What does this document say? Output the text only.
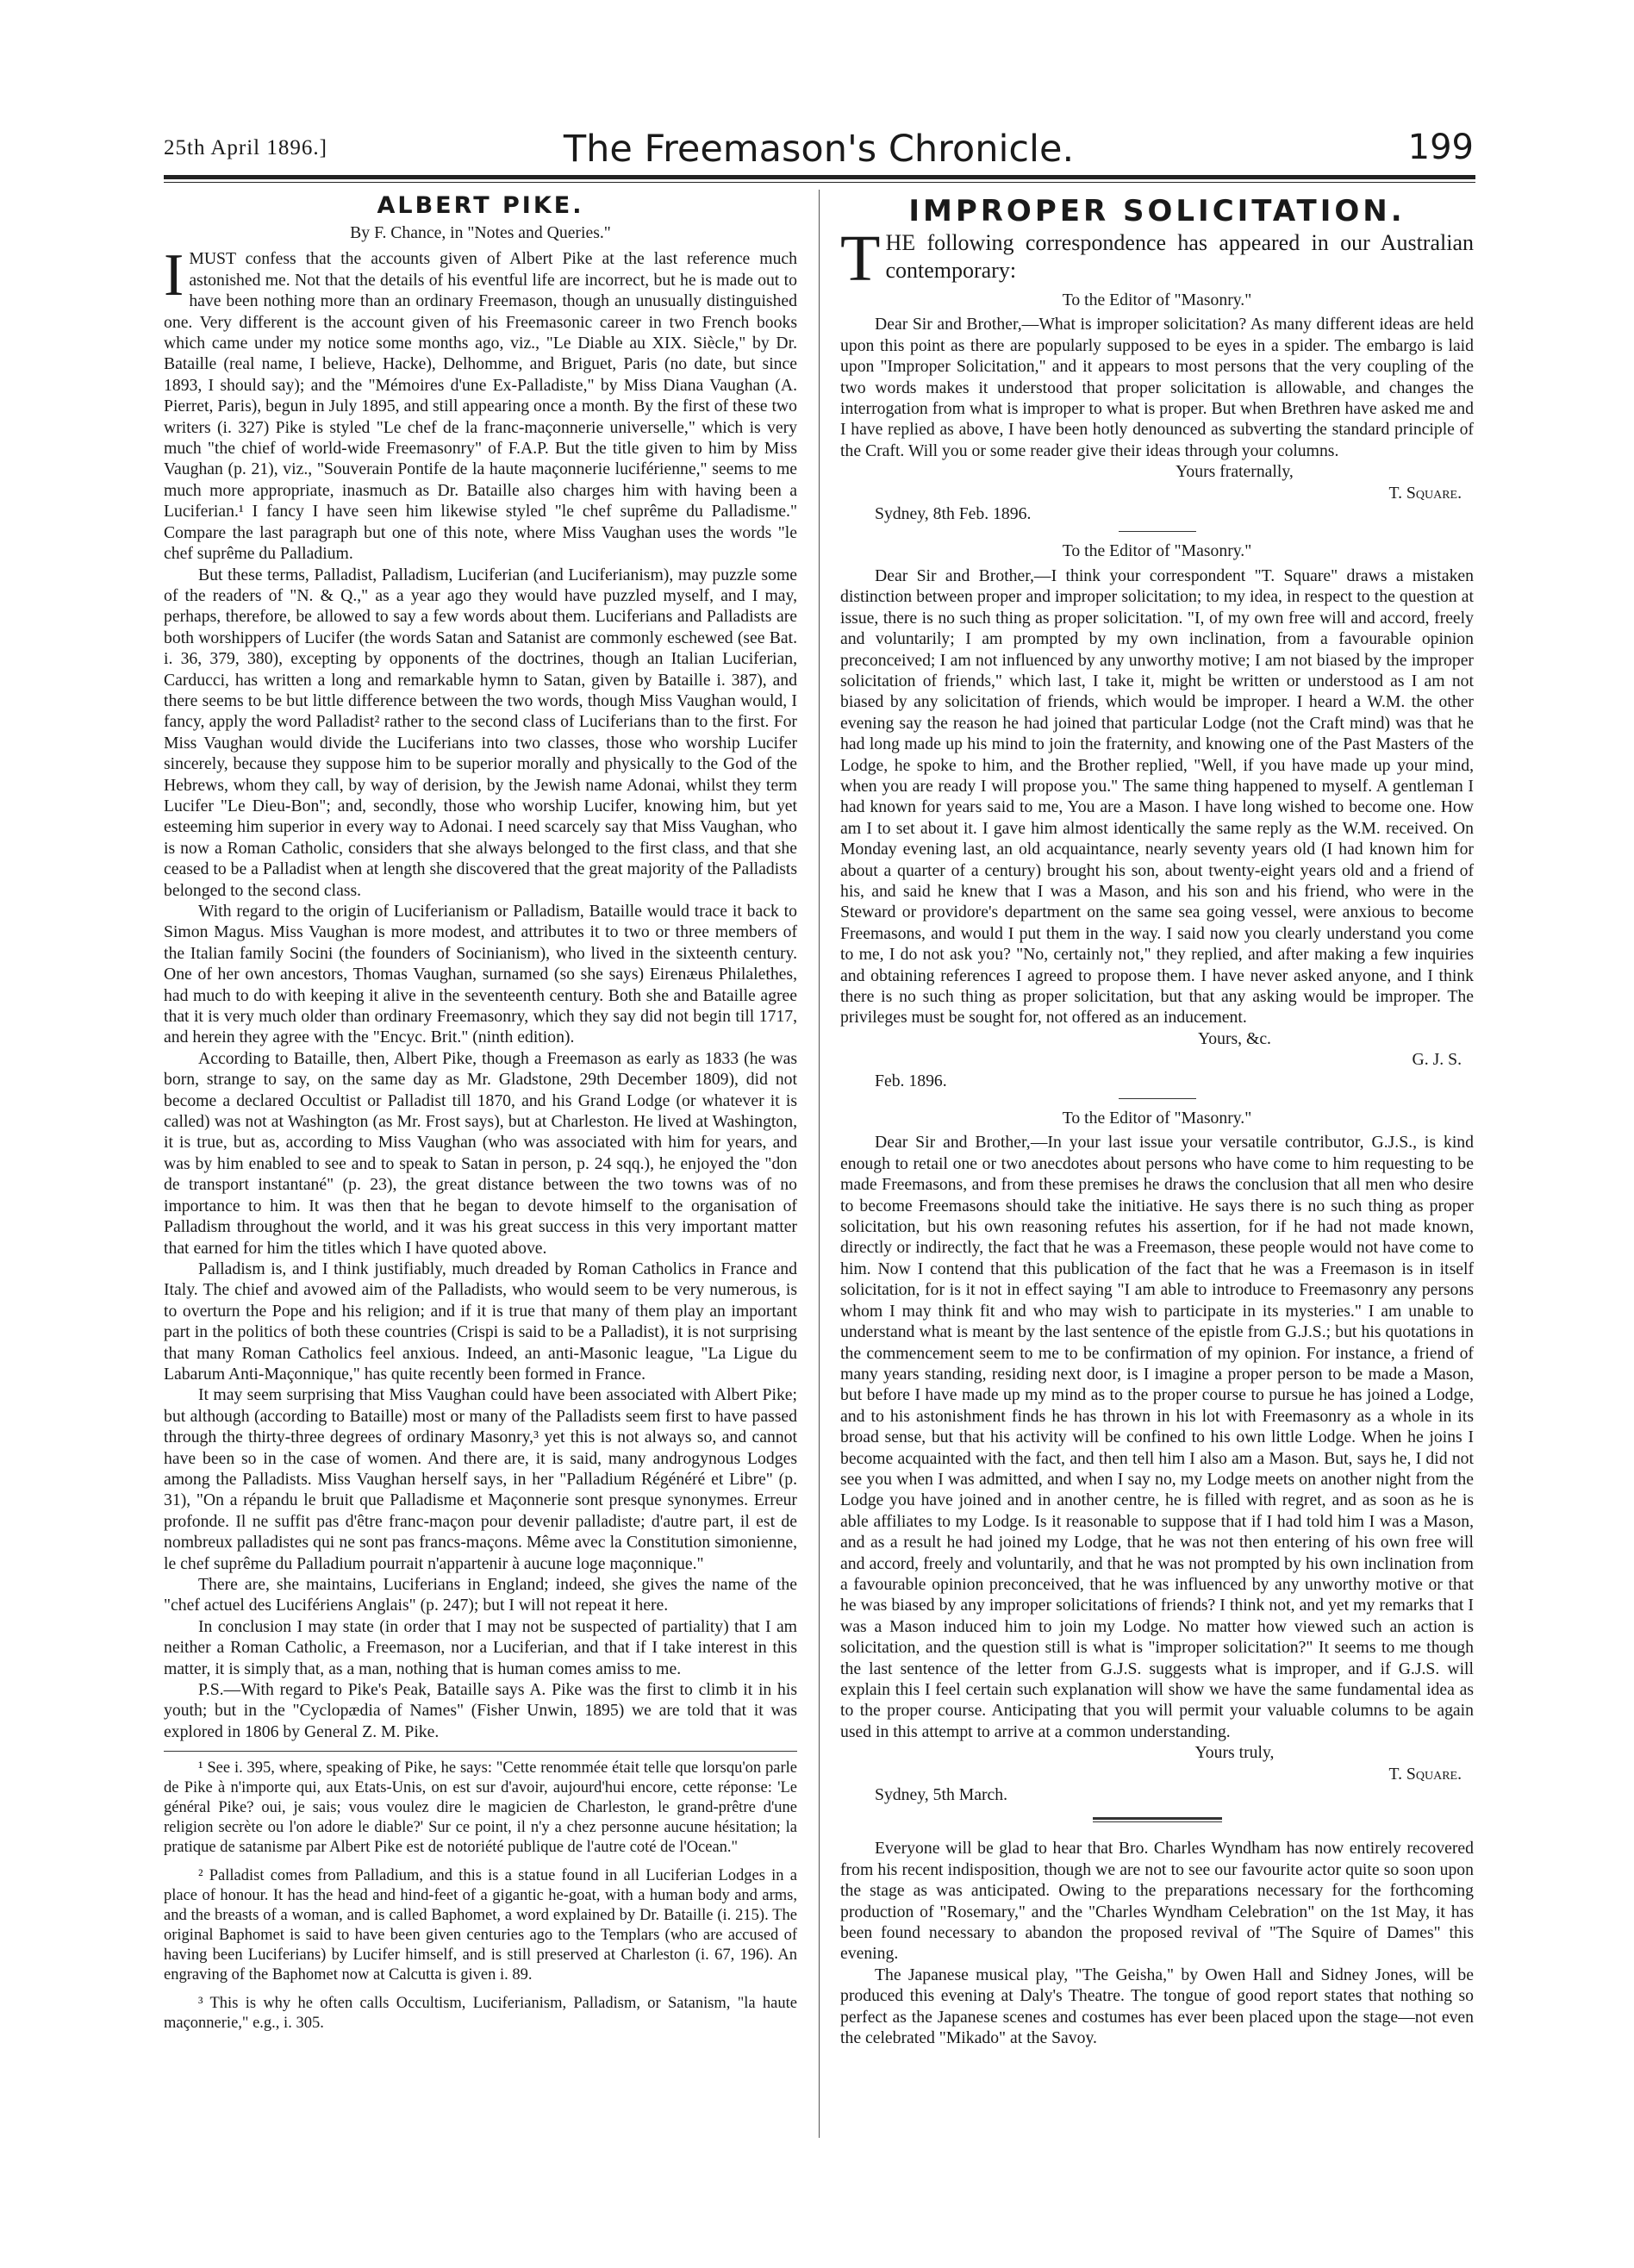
25th April 1896.]	The Freemason's Chronicle.	199
ALBERT PIKE.
By F. Chance, in "Notes and Queries."

IMUST confess that the accounts given of Albert Pike at the last reference much astonished me. Not that the details of his eventful life are incorrect, but he is made out to have been nothing more than an ordinary Freemason, though an unusually distinguished one. Very different is the account given of his Freemasonic career in two French books which came under my notice some months ago, viz., "Le Diable au XIX. Siècle," by Dr. Bataille (real name, I believe, Hacke), Delhomme, and Briguet, Paris (no date, but since 1893, I should say); and the "Mémoires d'une Ex-Palladiste," by Miss Diana Vaughan (A. Pierret, Paris), begun in July 1895, and still appearing once a month. By the first of these two writers (i. 327) Pike is styled "Le chef de la franc-maçonnerie universelle," which is very much "the chief of world-wide Freemasonry" of F.A.P. But the title given to him by Miss Vaughan (p. 21), viz., "Souverain Pontife de la haute maçonnerie luciférienne," seems to me much more appropriate, inasmuch as Dr. Bataille also charges him with having been a Luciferian.¹ I fancy I have seen him likewise styled "le chef suprême du Palladisme." Compare the last paragraph but one of this note, where Miss Vaughan uses the words "le chef suprême du Palladium.

But these terms, Palladist, Palladism, Luciferian (and Luciferianism), may puzzle some of the readers of "N. & Q.," as a year ago they would have puzzled myself, and I may, perhaps, therefore, be allowed to say a few words about them. Luciferians and Palladists are both worshippers of Lucifer (the words Satan and Satanist are commonly eschewed (see Bat. i. 36, 379, 380), excepting by opponents of the doctrines, though an Italian Luciferian, Carducci, has written a long and remarkable hymn to Satan, given by Bataille i. 387), and there seems to be but little difference between the two words, though Miss Vaughan would, I fancy, apply the word Palladist² rather to the second class of Luciferians than to the first. For Miss Vaughan would divide the Luciferians into two classes, those who worship Lucifer sincerely, because they suppose him to be superior morally and physically to the God of the Hebrews, whom they call, by way of derision, by the Jewish name Adonai, whilst they term Lucifer "Le Dieu-Bon"; and, secondly, those who worship Lucifer, knowing him, but yet esteeming him superior in every way to Adonai. I need scarcely say that Miss Vaughan, who is now a Roman Catholic, considers that she always belonged to the first class, and that she ceased to be a Palladist when at length she discovered that the great majority of the Palladists belonged to the second class.

With regard to the origin of Luciferianism or Palladism, Bataille would trace it back to Simon Magus. Miss Vaughan is more modest, and attributes it to two or three members of the Italian family Socini (the founders of Socinianism), who lived in the sixteenth century. One of her own ancestors, Thomas Vaughan, surnamed (so she says) Eirenæus Philalethes, had much to do with keeping it alive in the seventeenth century. Both she and Bataille agree that it is very much older than ordinary Freemasonry, which they say did not begin till 1717, and herein they agree with the "Encyc. Brit." (ninth edition).

According to Bataille, then, Albert Pike, though a Freemason as early as 1833 (he was born, strange to say, on the same day as Mr. Gladstone, 29th December 1809), did not become a declared Occultist or Palladist till 1870, and his Grand Lodge (or whatever it is called) was not at Washington (as Mr. Frost says), but at Charleston. He lived at Washington, it is true, but as, according to Miss Vaughan (who was associated with him for years, and was by him enabled to see and to speak to Satan in person, p. 24 sqq.), he enjoyed the "don de transport instantané" (p. 23), the great distance between the two towns was of no importance to him. It was then that he began to devote himself to the organisation of Palladism throughout the world, and it was his great success in this very important matter that earned for him the titles which I have quoted above.

Palladism is, and I think justifiably, much dreaded by Roman Catholics in France and Italy. The chief and avowed aim of the Palladists, who would seem to be very numerous, is to overturn the Pope and his religion; and if it is true that many of them play an important part in the politics of both these countries (Crispi is said to be a Palladist), it is not surprising that many Roman Catholics feel anxious. Indeed, an anti-Masonic league, "La Ligue du Labarum Anti-Maçonnique," has quite recently been formed in France.

It may seem surprising that Miss Vaughan could have been associated with Albert Pike; but although (according to Bataille) most or many of the Palladists seem first to have passed through the thirty-three degrees of ordinary Masonry,³ yet this is not always so, and cannot have been so in the case of women. And there are, it is said, many androgynous Lodges among the Palladists. Miss Vaughan herself says, in her "Palladium Régénéré et Libre" (p. 31), "On a répandu le bruit que Palladisme et Maçonnerie sont presque synonymes. Erreur profonde. Il ne suffit pas d'être franc-maçon pour devenir palladiste; d'autre part, il est de nombreux palladistes qui ne sont pas francs-maçons. Même avec la Constitution simonienne, le chef suprême du Palladium pourrait n'appartenir à aucune loge maçonnique."

There are, she maintains, Luciferians in England; indeed, she gives the name of the "chef actuel des Lucifériens Anglais" (p. 247); but I will not repeat it here.

In conclusion I may state (in order that I may not be suspected of partiality) that I am neither a Roman Catholic, a Freemason, nor a Luciferian, and that if I take interest in this matter, it is simply that, as a man, nothing that is human comes amiss to me.

P.S.—With regard to Pike's Peak, Bataille says A. Pike was the first to climb it in his youth; but in the "Cyclopædia of Names" (Fisher Unwin, 1895) we are told that it was explored in 1806 by General Z. M. Pike.

¹ See i. 395, where, speaking of Pike, he says: "Cette renommée était telle que lorsqu'on parle de Pike à n'importe qui, aux Etats-Unis, on est sur d'avoir, aujourd'hui encore, cette réponse: 'Le général Pike? oui, je sais; vous voulez dire le magicien de Charleston, le grand-prêtre d'une religion secrète ou l'on adore le diable?' Sur ce point, il n'y a chez personne aucune hésitation; la pratique de satanisme par Albert Pike est de notoriété publique de l'autre coté de l'Ocean."

² Palladist comes from Palladium, and this is a statue found in all Luciferian Lodges in a place of honour. It has the head and hind-feet of a gigantic he-goat, with a human body and arms, and the breasts of a woman, and is called Baphomet, a word explained by Dr. Bataille (i. 215). The original Baphomet is said to have been given centuries ago to the Templars (who are accused of having been Luciferians) by Lucifer himself, and is still preserved at Charleston (i. 67, 196). An engraving of the Baphomet now at Calcutta is given i. 89.

³ This is why he often calls Occultism, Luciferianism, Palladism, or Satanism, "la haute maçonnerie," e.g., i. 305.

IMPROPER SOLICITATION.

THE following correspondence has appeared in our Australian contemporary:

To the Editor of "Masonry."

Dear Sir and Brother,—What is improper solicitation? As many different ideas are held upon this point as there are popularly supposed to be eyes in a spider. The embargo is laid upon "Improper Solicitation," and it appears to most persons that the very coupling of the two words makes it understood that proper solicitation is allowable, and changes the interrogation from what is improper to what is proper. But when Brethren have asked me and I have replied as above, I have been hotly denounced as subverting the standard principle of the Craft. Will you or some reader give their ideas through your columns.

Yours fraternally,

T. Square.

Sydney, 8th Feb. 1896.

To the Editor of "Masonry."

Dear Sir and Brother,—I think your correspondent "T. Square" draws a mistaken distinction between proper and improper solicitation; to my idea, in respect to the question at issue, there is no such thing as proper solicitation. "I, of my own free will and accord, freely and voluntarily; I am prompted by my own inclination, from a favourable opinion preconceived; I am not influenced by any unworthy motive; I am not biased by the improper solicitation of friends," which last, I take it, might be written or understood as I am not biased by any solicitation of friends, which would be improper. I heard a W.M. the other evening say the reason he had joined that particular Lodge (not the Craft mind) was that he had long made up his mind to join the fraternity, and knowing one of the Past Masters of the Lodge, he spoke to him, and the Brother replied, "Well, if you have made up your mind, when you are ready I will propose you." The same thing happened to myself. A gentleman I had known for years said to me, You are a Mason. I have long wished to become one. How am I to set about it. I gave him almost identically the same reply as the W.M. received. On Monday evening last, an old acquaintance, nearly seventy years old (I had known him for about a quarter of a century) brought his son, about twenty-eight years old and a friend of his, and said he knew that I was a Mason, and his son and his friend, who were in the Steward or providore's department on the same sea going vessel, were anxious to become Freemasons, and would I put them in the way. I said now you clearly understand you come to me, I do not ask you? "No, certainly not," they replied, and after making a few inquiries and obtaining references I agreed to propose them. I have never asked anyone, and I think there is no such thing as proper solicitation, but that any asking would be improper. The privileges must be sought for, not offered as an inducement.

Yours, &c.

G. J. S.

Feb. 1896.

To the Editor of "Masonry."

Dear Sir and Brother,—In your last issue your versatile contributor, G.J.S., is kind enough to retail one or two anecdotes about persons who have come to him requesting to be made Freemasons, and from these premises he draws the conclusion that all men who desire to become Freemasons should take the initiative. He says there is no such thing as proper solicitation, but his own reasoning refutes his assertion, for if he had not made known, directly or indirectly, the fact that he was a Freemason, these people would not have come to him. Now I contend that this publication of the fact that he was a Freemason is in itself solicitation, for is it not in effect saying "I am able to introduce to Freemasonry any persons whom I may think fit and who may wish to participate in its mysteries." I am unable to understand what is meant by the last sentence of the epistle from G.J.S.; but his quotations in the commencement seem to me to be confirmation of my opinion. For instance, a friend of many years standing, residing next door, is I imagine a proper person to be made a Mason, but before I have made up my mind as to the proper course to pursue he has joined a Lodge, and to his astonishment finds he has thrown in his lot with Freemasonry as a whole in its broad sense, but that his activity will be confined to his own little Lodge. When he joins I become acquainted with the fact, and then tell him I also am a Mason. But, says he, I did not see you when I was admitted, and when I say no, my Lodge meets on another night from the Lodge you have joined and in another centre, he is filled with regret, and as soon as he is able affiliates to my Lodge. Is it reasonable to suppose that if I had told him I was a Mason, and as a result he had joined my Lodge, that he was not then entering of his own free will and accord, freely and voluntarily, and that he was not prompted by his own inclination from a favourable opinion preconceived, that he was influenced by any unworthy motive or that he was biased by any improper solicitations of friends? I think not, and yet my remarks that I was a Mason induced him to join my Lodge. No matter how viewed such an action is solicitation, and the question still is what is "improper solicitation?" It seems to me though the last sentence of the letter from G.J.S. suggests what is improper, and if G.J.S. will explain this I feel certain such explanation will show we have the same fundamental idea as to the proper course. Anticipating that you will permit your valuable columns to be again used in this attempt to arrive at a common understanding.

Yours truly,

T. Square.

Sydney, 5th March.

Everyone will be glad to hear that Bro. Charles Wyndham has now entirely recovered from his recent indisposition, though we are not to see our favourite actor quite so soon upon the stage as was anticipated. Owing to the preparations necessary for the forthcoming production of "Rosemary," and the "Charles Wyndham Celebration" on the 1st May, it has been found necessary to abandon the proposed revival of "The Squire of Dames" this evening.

The Japanese musical play, "The Geisha," by Owen Hall and Sidney Jones, will be produced this evening at Daly's Theatre. The tongue of good report states that nothing so perfect as the Japanese scenes and costumes has ever been placed upon the stage—not even the celebrated "Mikado" at the Savoy.
